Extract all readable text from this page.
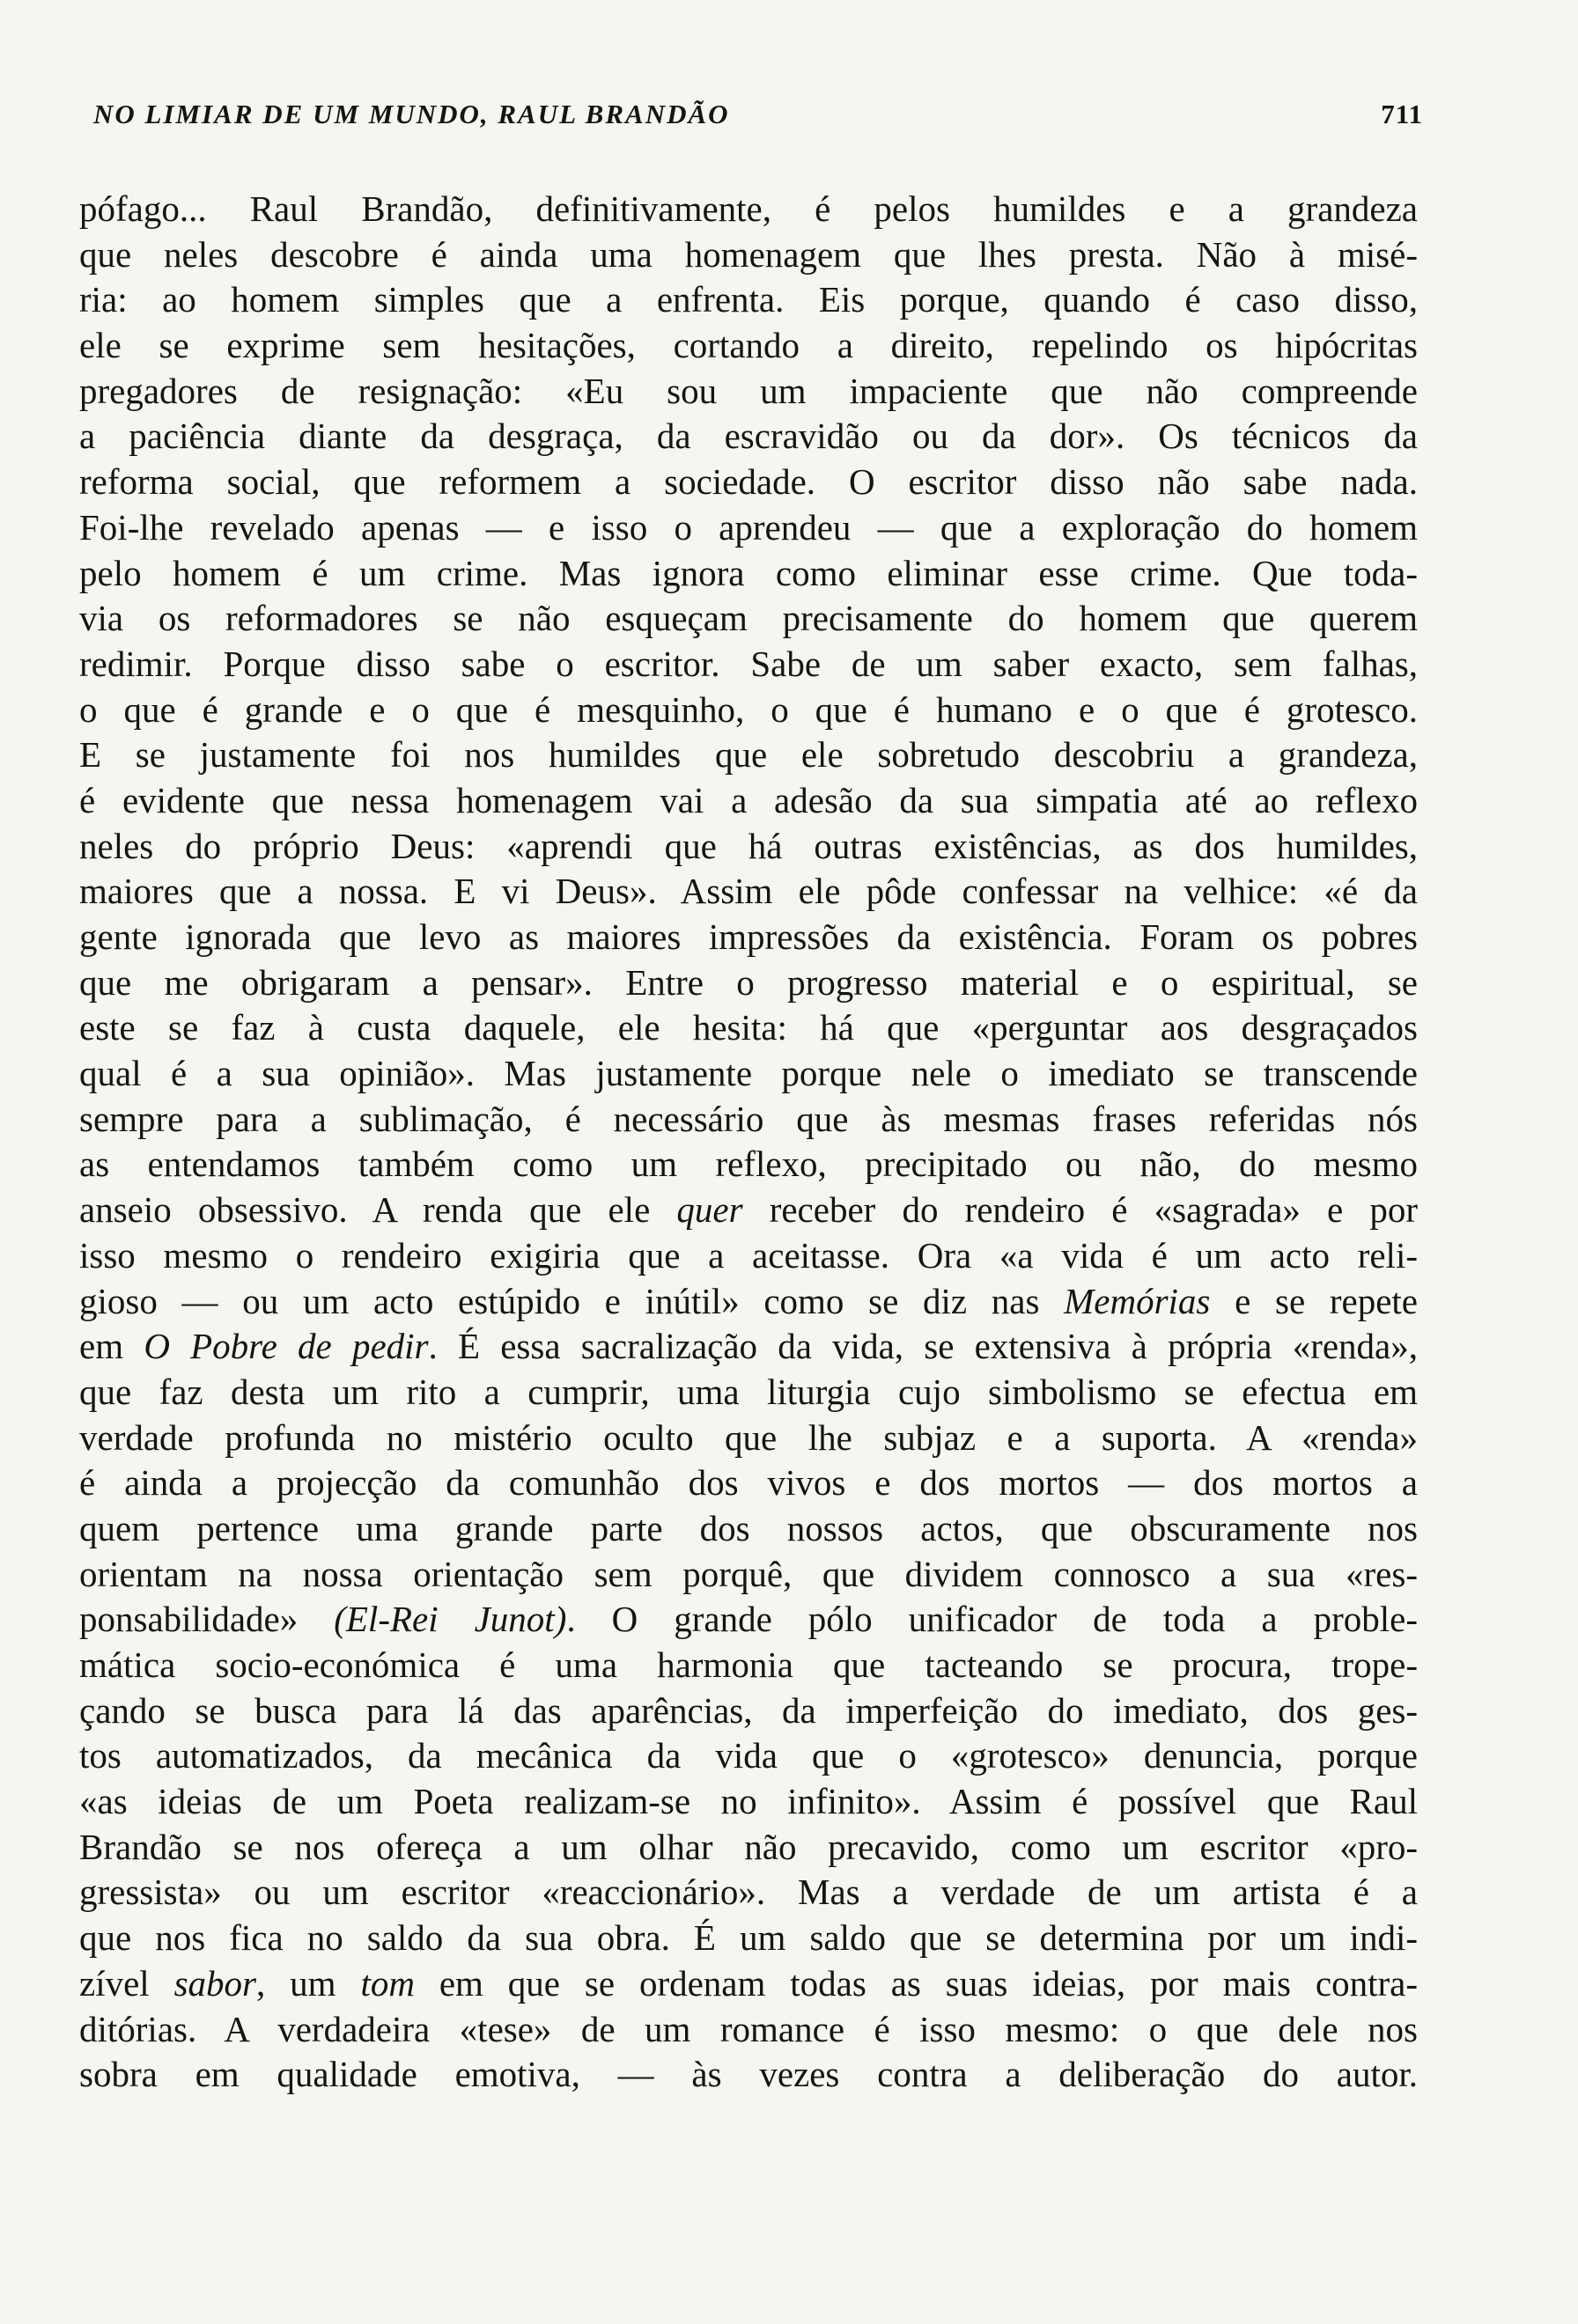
NO LIMIAR DE UM MUNDO, RAUL BRANDÃO	711
pófago... Raul Brandão, definitivamente, é pelos humildes e a grandeza
que neles descobre é ainda uma homenagem que lhes presta. Não à misé-
ria: ao homem simples que a enfrenta. Eis porque, quando é caso disso,
ele se exprime sem hesitações, cortando a direito, repelindo os hipócritas
pregadores de resignação: «Eu sou um impaciente que não compreende
a paciência diante da desgraça, da escravidão ou da dor». Os técnicos da
reforma social, que reformem a sociedade. O escritor disso não sabe nada.
Foi-lhe revelado apenas — e isso o aprendeu — que a exploração do homem
pelo homem é um crime. Mas ignora como eliminar esse crime. Que toda-
via os reformadores se não esqueçam precisamente do homem que querem
redimir. Porque disso sabe o escritor. Sabe de um saber exacto, sem falhas,
o que é grande e o que é mesquinho, o que é humano e o que é grotesco.
E se justamente foi nos humildes que ele sobretudo descobriu a grandeza,
é evidente que nessa homenagem vai a adesão da sua simpatia até ao reflexo
neles do próprio Deus: «aprendi que há outras existências, as dos humildes,
maiores que a nossa. E vi Deus». Assim ele pôde confessar na velhice: «é da
gente ignorada que levo as maiores impressões da existência. Foram os pobres
que me obrigaram a pensar». Entre o progresso material e o espiritual, se
este se faz à custa daquele, ele hesita: há que «perguntar aos desgraçados
qual é a sua opinião». Mas justamente porque nele o imediato se transcende
sempre para a sublimação, é necessário que às mesmas frases referidas nós
as entendamos também como um reflexo, precipitado ou não, do mesmo
anseio obsessivo. A renda que ele quer receber do rendeiro é «sagrada» e por
isso mesmo o rendeiro exigiria que a aceitasse. Ora «a vida é um acto reli-
gioso — ou um acto estúpido e inútil» como se diz nas Memórias e se repete
em O Pobre de pedir. É essa sacralização da vida, se extensiva à própria «renda»,
que faz desta um rito a cumprir, uma liturgia cujo simbolismo se efectua em
verdade profunda no mistério oculto que lhe subjaz e a suporta. A «renda»
é ainda a projecção da comunhão dos vivos e dos mortos — dos mortos a
quem pertence uma grande parte dos nossos actos, que obscuramente nos
orientam na nossa orientação sem porquê, que dividem connosco a sua «res-
ponsabilidade» (El-Rei Junot). O grande pólo unificador de toda a proble-
mática socio-económica é uma harmonia que tacteando se procura, trope-
çando se busca para lá das aparências, da imperfeição do imediato, dos ges-
tos automatizados, da mecânica da vida que o «grotesco» denuncia, porque
«as ideias de um Poeta realizam-se no infinito». Assim é possível que Raul
Brandão se nos ofereça a um olhar não precavido, como um escritor «pro-
gressista» ou um escritor «reaccionário». Mas a verdade de um artista é a
que nos fica no saldo da sua obra. É um saldo que se determina por um indi-
zível sabor, um tom em que se ordenam todas as suas ideias, por mais contra-
ditórias. A verdadeira «tese» de um romance é isso mesmo: o que dele nos
sobra em qualidade emotiva, — às vezes contra a deliberação do autor.
